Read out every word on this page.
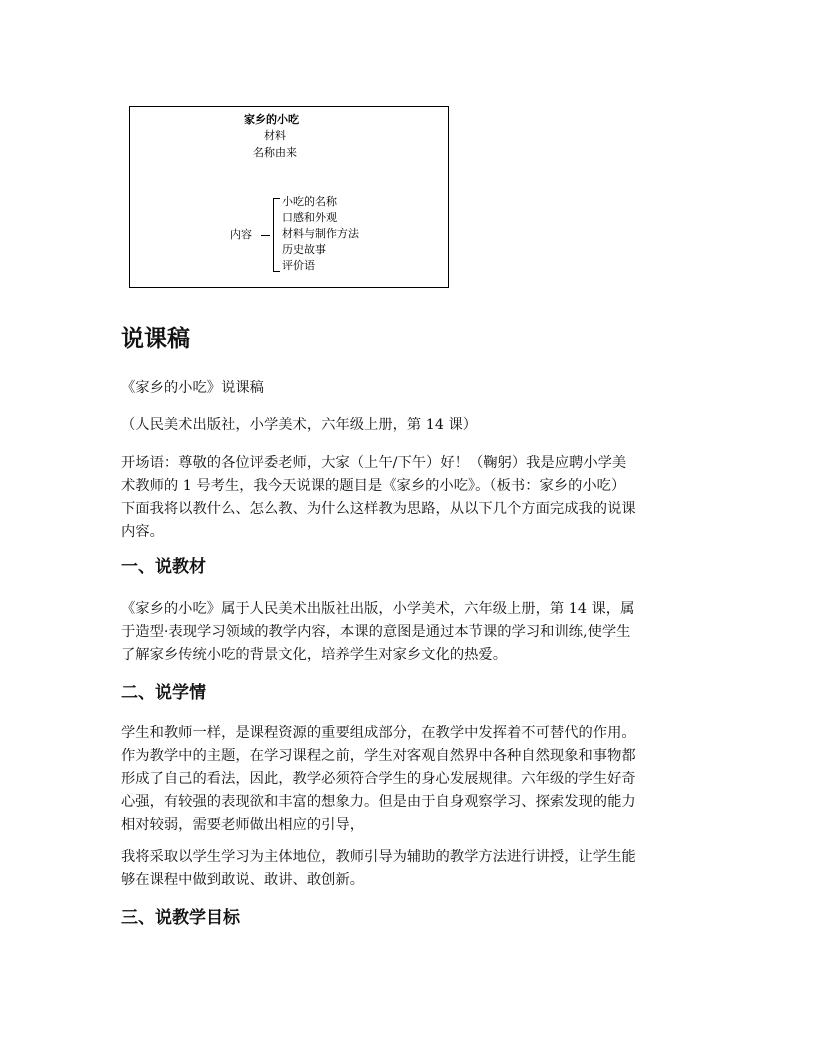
家乡的小吃
材料
名称由来
内容
小吃的名称
口感和外观
材料与制作方法
历史故事
评价语
说课稿

《家乡的小吃》说课稿

（人民美术出版社，小学美术，六年级上册，第 14 课）

开场语：尊敬的各位评委老师，大家（上午/下午）好！（鞠躬）我是应聘小学美
术教师的 1 号考生，我今天说课的题目是《家乡的小吃》。（板书：家乡的小吃）
下面我将以教什么、怎么教、为什么这样教为思路，从以下几个方面完成我的说课
内容。

一、说教材

《家乡的小吃》属于人民美术出版社出版，小学美术，六年级上册，第 14 课，属
于造型·表现学习领域的教学内容，本课的意图是通过本节课的学习和训练,使学生
了解家乡传统小吃的背景文化，培养学生对家乡文化的热爱。

二、说学情

学生和教师一样，是课程资源的重要组成部分，在教学中发挥着不可替代的作用。
作为教学中的主题，在学习课程之前，学生对客观自然界中各种自然现象和事物都
形成了自己的看法，因此，教学必须符合学生的身心发展规律。六年级的学生好奇
心强，有较强的表现欲和丰富的想象力。但是由于自身观察学习、探索发现的能力
相对较弱，需要老师做出相应的引导，

我将采取以学生学习为主体地位，教师引导为辅助的教学方法进行讲授，让学生能
够在课程中做到敢说、敢讲、敢创新。

三、说教学目标
